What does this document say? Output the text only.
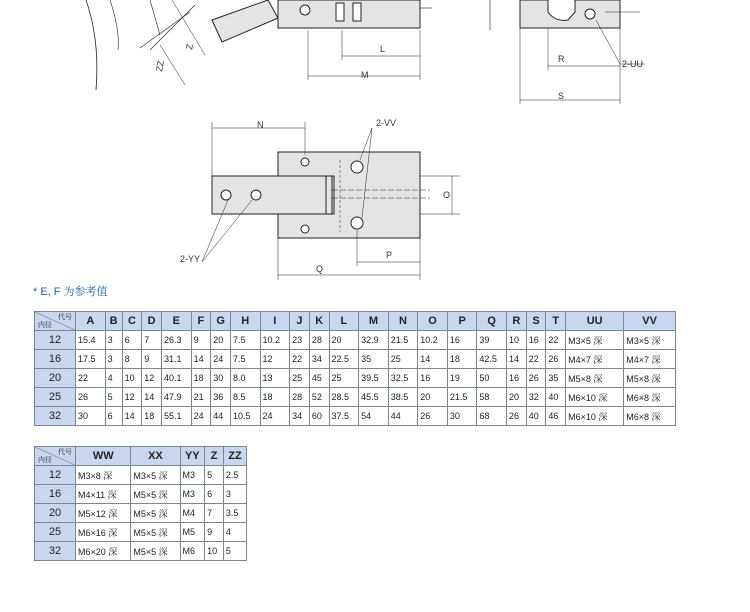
ZZ
Z	L
M
R
S
2-UU
N	2-VV
O
2-YY	P
Q
* E, F 为参考值
代号
内径	A	B	C	D	E	F	G	H	I	J	K	L	M	N	O	P	Q	R	S	T	UU	VV
12	15.4	3	6	7	26.3	9	20	7.5	10.2	23	28	20	32.9	21.5	10.2	16	39	10	16	22	M3×5 深	M3×5 深
16	17.5	3	8	9	31.1	14	24	7.5	12	22	34	22.5	35	25	14	18	42.5	14	22	26	M4×7 深	M4×7 深
20	22	4	10	12	40.1	18	30	8.0	13	25	45	25	39.5	32.5	16	19	50	16	26	35	M5×8 深	M5×8 深
25	26	5	12	14	47.9	21	36	8.5	18	28	52	28.5	45.5	38.5	20	21.5	58	20	32	40	M6×10 深	M6×8 深
32	30	6	14	18	55.1	24	44	10.5	24	34	60	37.5	54	44	26	30	68	26	40	46	M6×10 深	M6×8 深
代号
内径	WW	XX	YY	Z	ZZ
12	M3×8 深	M3×5 深	M3	5	2.5
16	M4×11 深	M5×5 深	M3	6	3
20	M5×12 深	M5×5 深	M4	7	3.5
25	M6×16 深	M5×5 深	M5	9	4
32	M6×20 深	M5×5 深	M6	10	5
